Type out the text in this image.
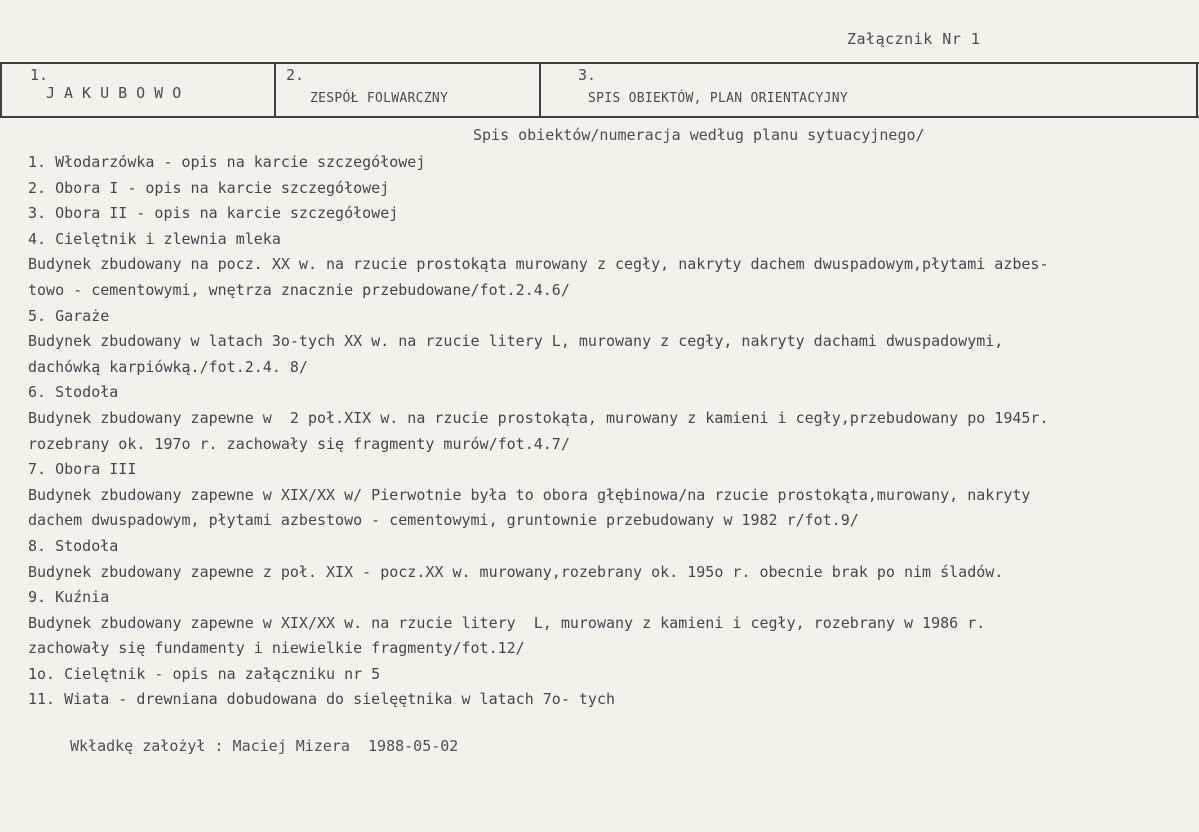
Załącznik Nr 1
1.
JAKUBOWO
2.
ZESPÓŁ FOLWARCZNY
3.
SPIS OBIEKTÓW, PLAN ORIENTACYJNY
Spis obiektów/numeracja według planu sytuacyjnego/
1. Włodarzówka - opis na karcie szczegółowej
2. Obora I - opis na karcie szczegółowej
3. Obora II - opis na karcie szczegółowej
4. Cielętnik i zlewnia mleka
Budynek zbudowany na pocz. XX w. na rzucie prostokąta murowany z cegły, nakryty dachem dwuspadowym,płytami azbes-
towo - cementowymi, wnętrza znacznie przebudowane/fot.2.4.6/
5. Garaże
Budynek zbudowany w latach 3o-tych XX w. na rzucie litery L, murowany z cegły, nakryty dachami dwuspadowymi,
dachówką karpiówką./fot.2.4. 8/
6. Stodoła
Budynek zbudowany zapewne w  2 poł.XIX w. na rzucie prostokąta, murowany z kamieni i cegły,przebudowany po 1945r.
rozebrany ok. 197o r. zachowały się fragmenty murów/fot.4.7/
7. Obora III
Budynek zbudowany zapewne w XIX/XX w/ Pierwotnie była to obora głębinowa/na rzucie prostokąta,murowany, nakryty
dachem dwuspadowym, płytami azbestowo - cementowymi, gruntownie przebudowany w 1982 r/fot.9/
8. Stodoła
Budynek zbudowany zapewne z poł. XIX - pocz.XX w. murowany,rozebrany ok. 195o r. obecnie brak po nim śladów.
9. Kuźnia
Budynek zbudowany zapewne w XIX/XX w. na rzucie litery  L, murowany z kamieni i cegły, rozebrany w 1986 r.
zachowały się fundamenty i niewielkie fragmenty/fot.12/
1o. Cielętnik - opis na załączniku nr 5
11. Wiata - drewniana dobudowana do sielęętnika w latach 7o- tych
Wkładkę założył : Maciej Mizera  1988-05-02
